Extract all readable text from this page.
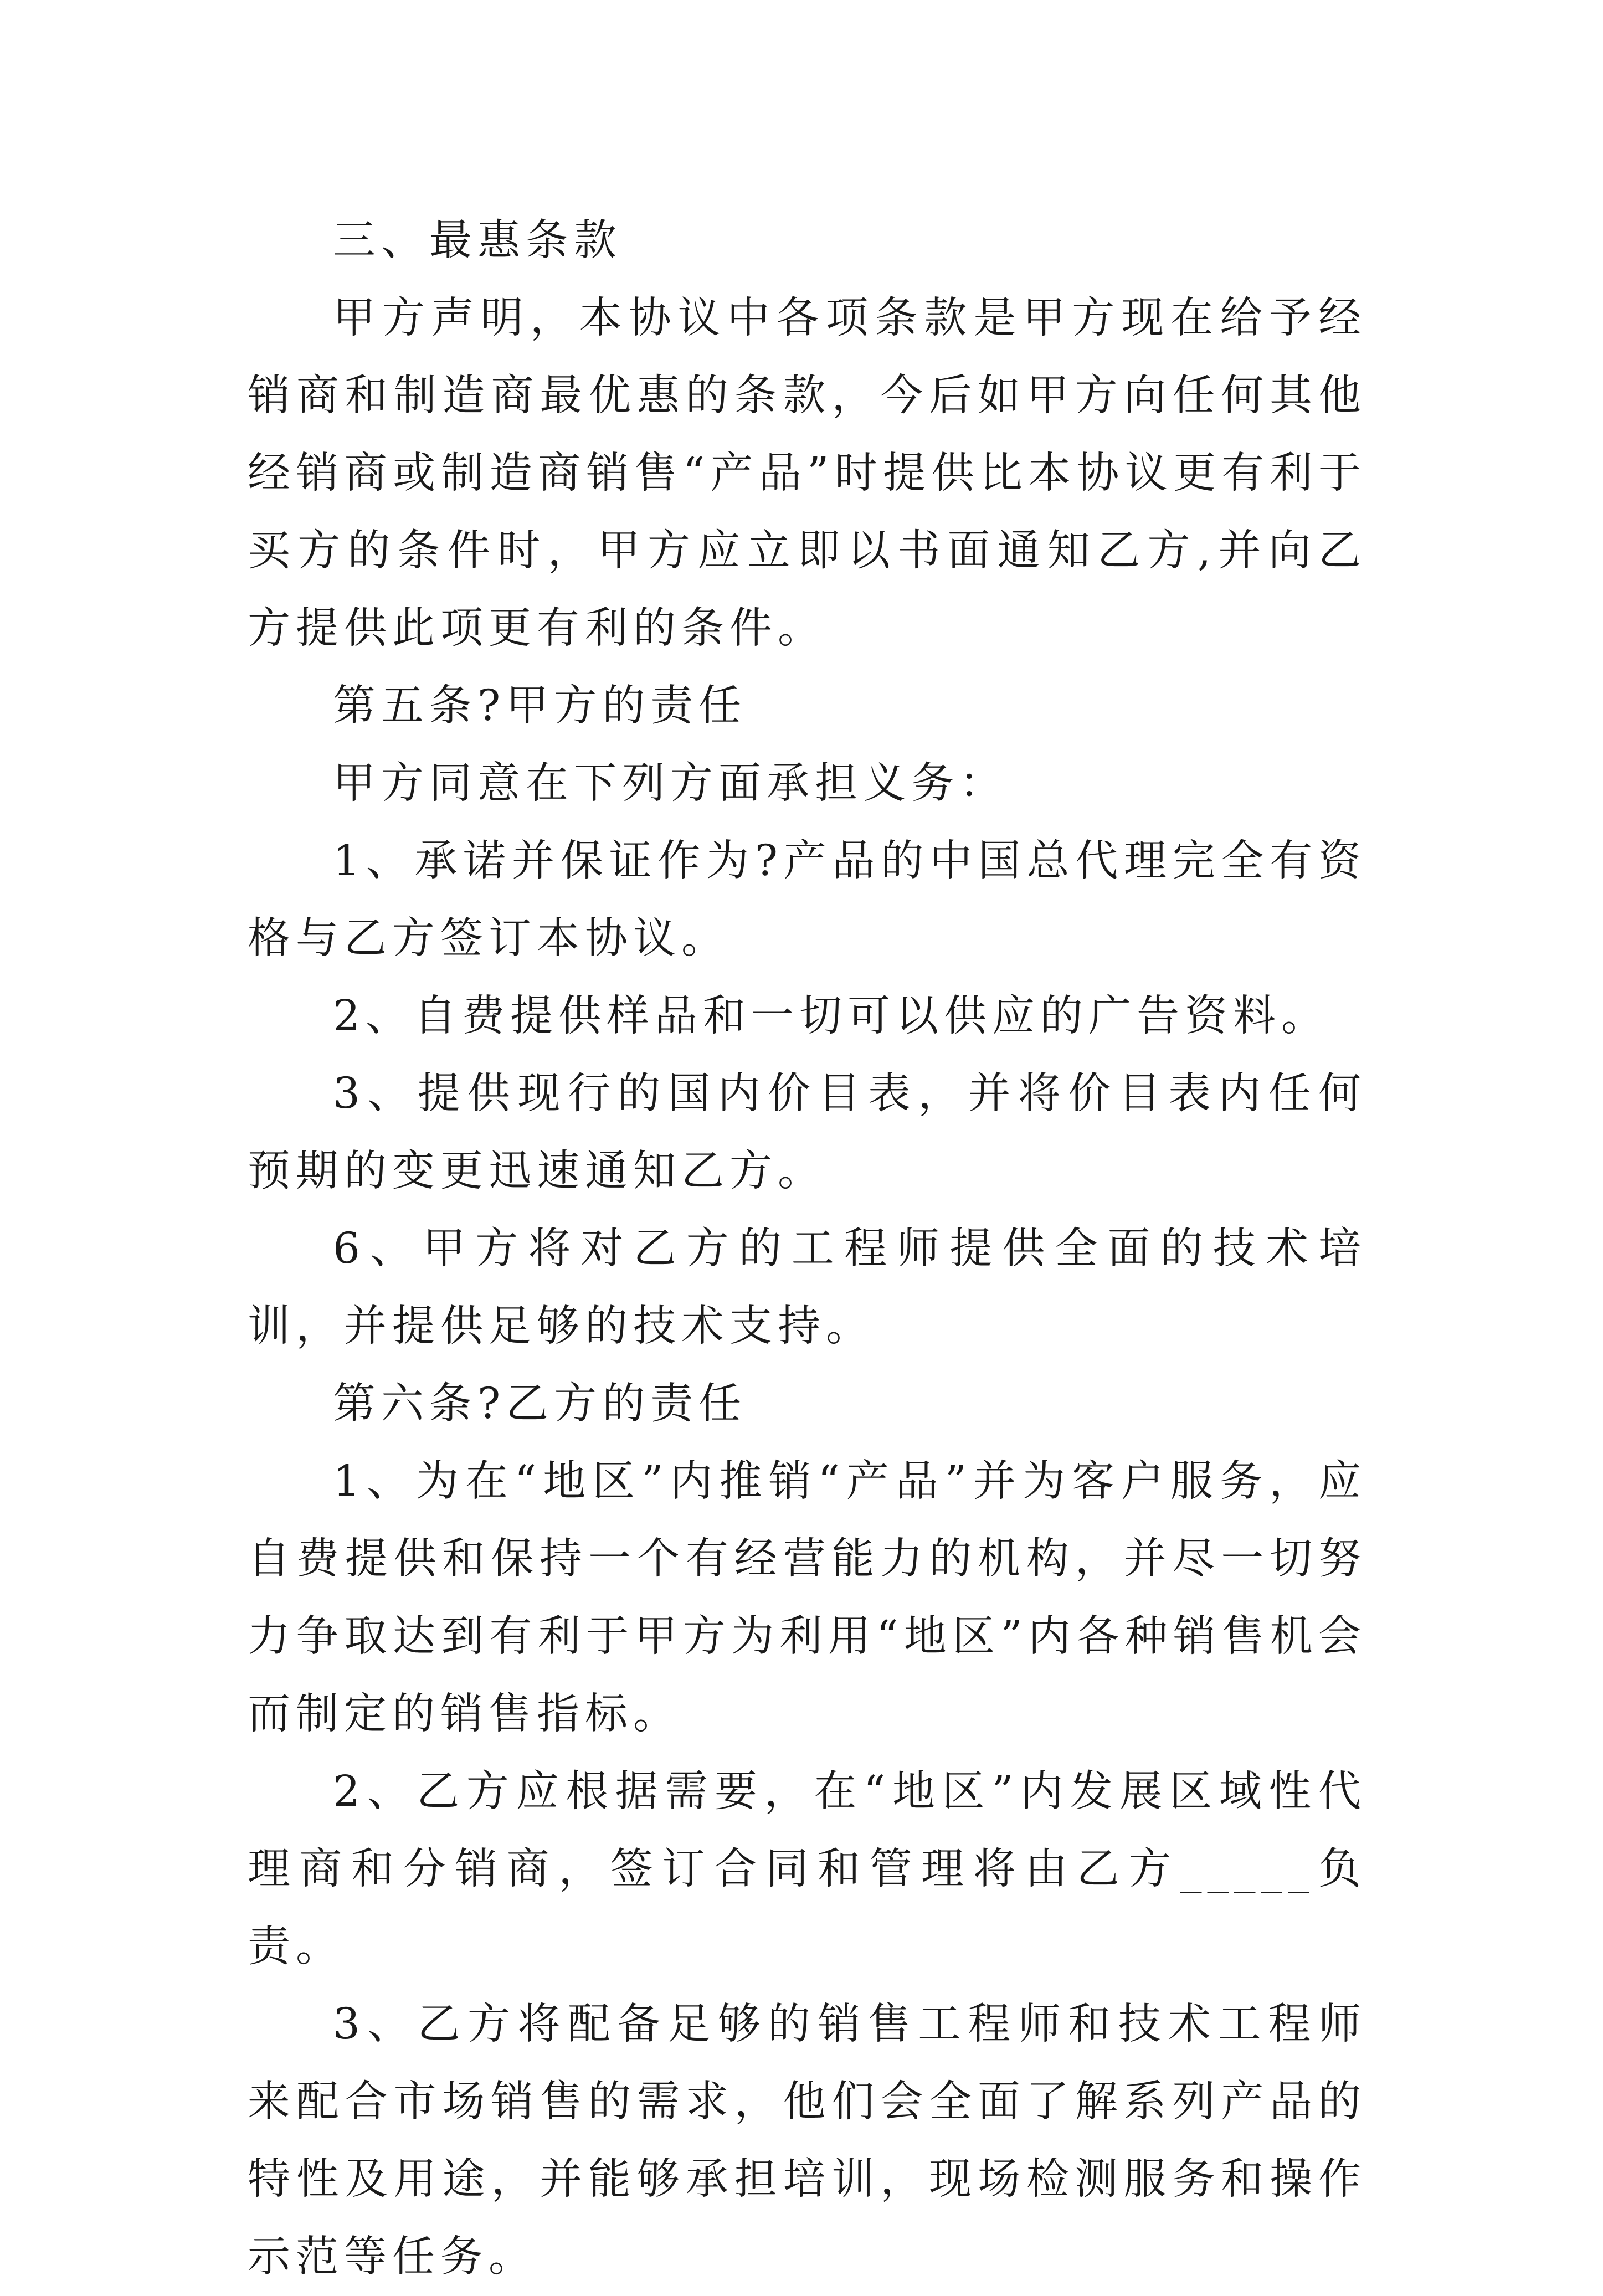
三、最惠条款

甲方声明，本协议中各项条款是甲方现在给予经销商和制造商最优惠的条款，今后如甲方向任何其他经销商或制造商销售“产品”时提供比本协议更有利于买方的条件时，甲方应立即以书面通知乙方,并向乙方提供此项更有利的条件。

第五条?甲方的责任

甲方同意在下列方面承担义务：

1、承诺并保证作为?产品的中国总代理完全有资格与乙方签订本协议。

2、自费提供样品和一切可以供应的广告资料。

3、提供现行的国内价目表，并将价目表内任何预期的变更迅速通知乙方。

6、甲方将对乙方的工程师提供全面的技术培训，并提供足够的技术支持。

第六条?乙方的责任

1、为在“地区”内推销“产品”并为客户服务，应自费提供和保持一个有经营能力的机构，并尽一切努力争取达到有利于甲方为利用“地区”内各种销售机会而制定的销售指标。

2、乙方应根据需要，在“地区”内发展区域性代理商和分销商，签订合同和管理将由乙方_____负责。

3、乙方将配备足够的销售工程师和技术工程师来配合市场销售的需求，他们会全面了解系列产品的特性及用途，并能够承担培训，现场检测服务和操作示范等任务。
